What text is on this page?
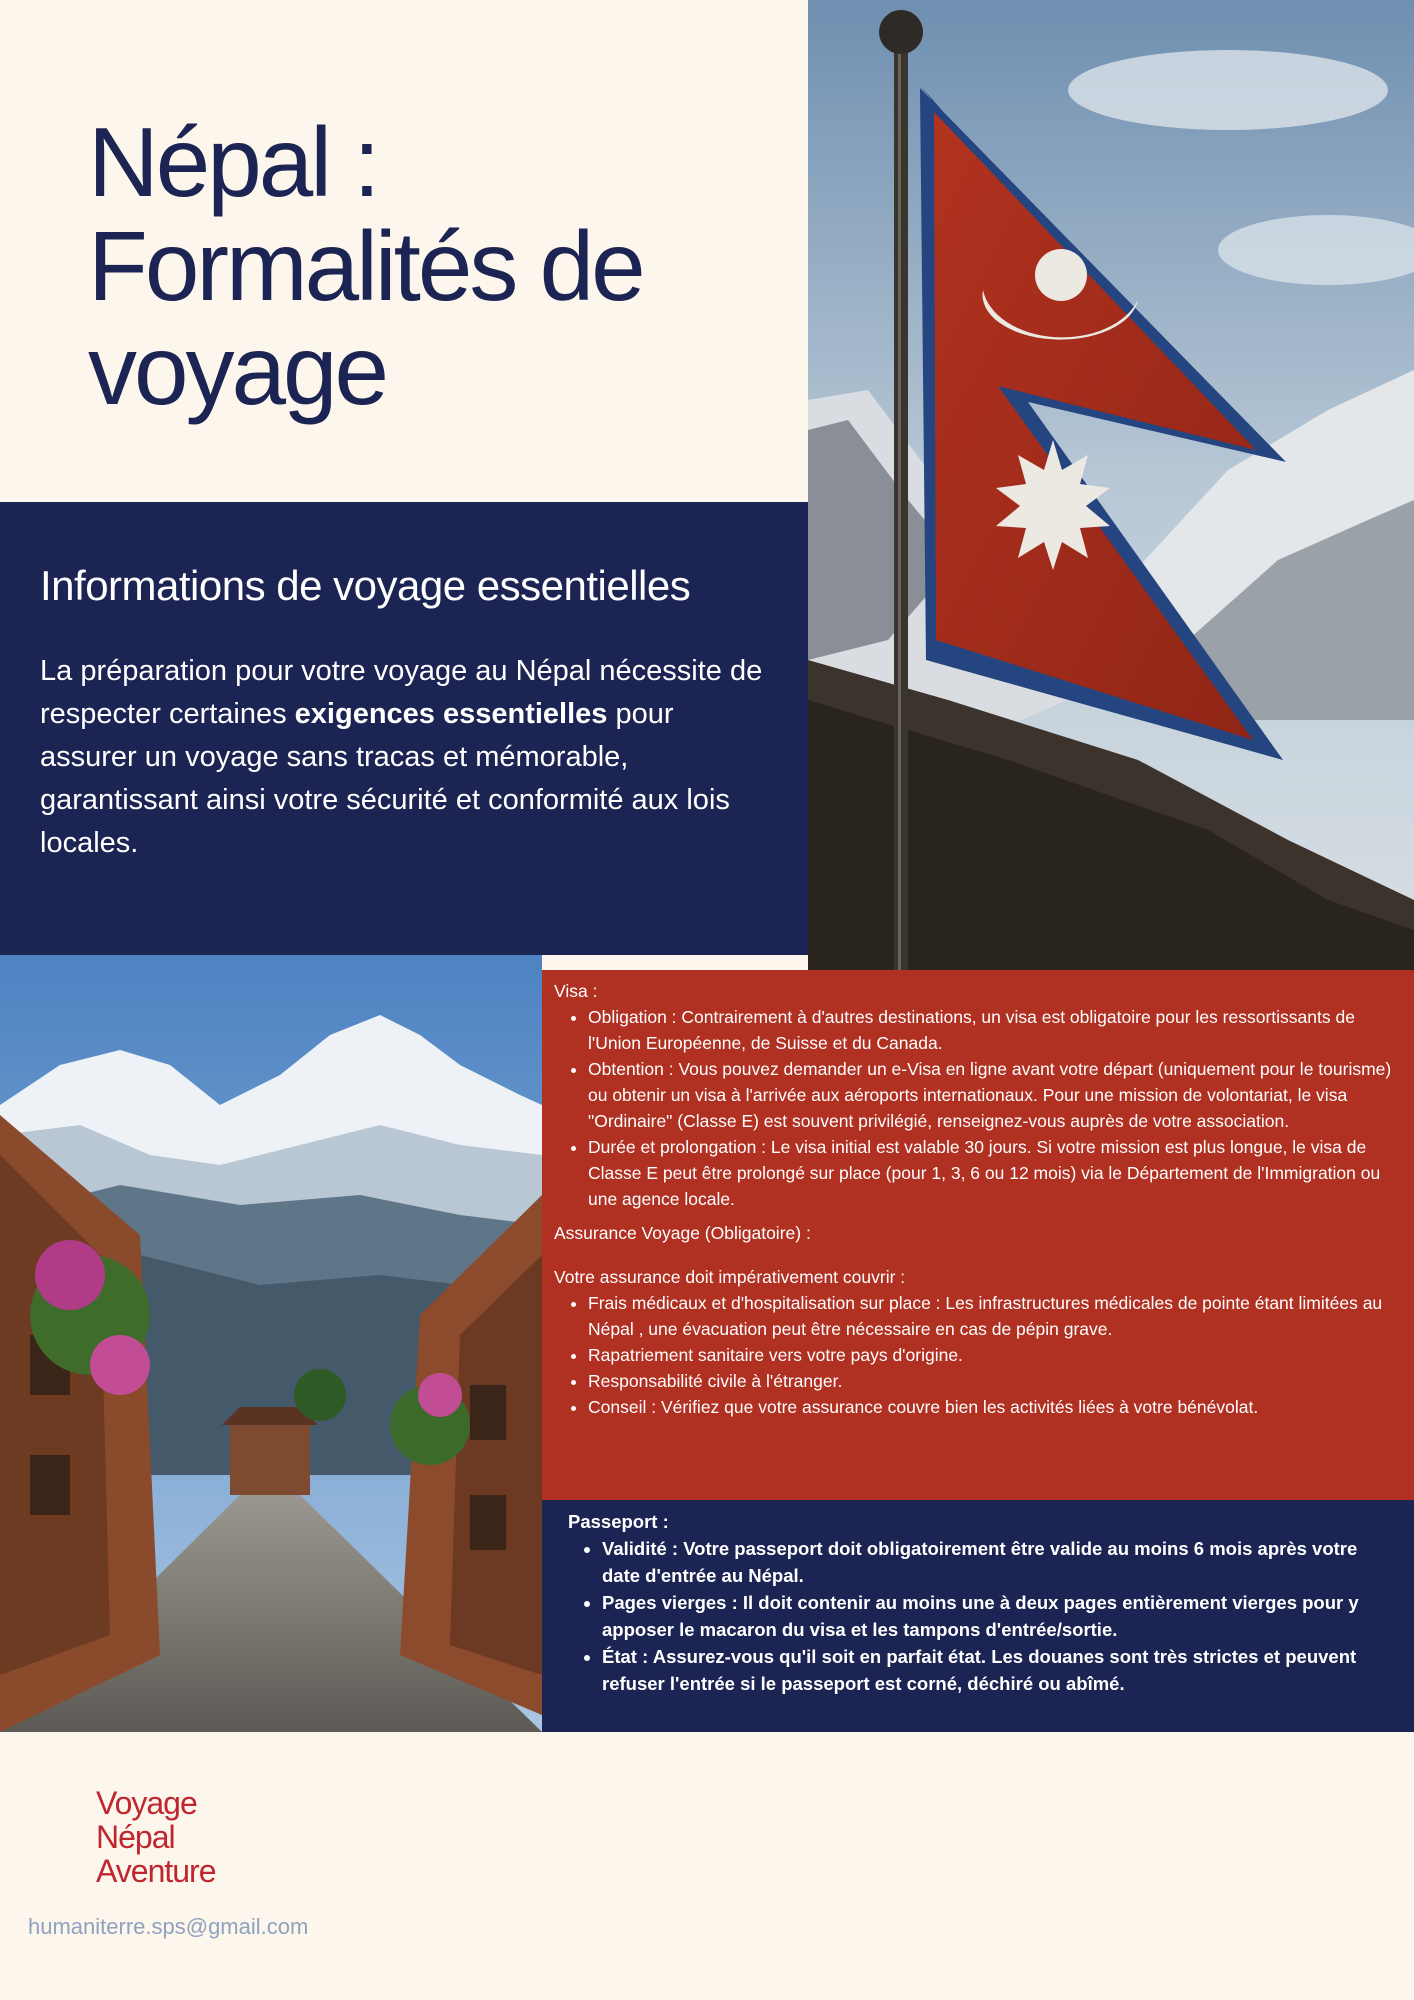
Népal :
Formalités de
voyage
Informations de voyage essentielles

La préparation pour votre voyage au Népal nécessite de respecter certaines exigences essentielles pour assurer un voyage sans tracas et mémorable, garantissant ainsi votre sécurité et conformité aux lois locales.

Visa :

• Obligation : Contrairement à d'autres destinations, un visa est obligatoire pour les ressortissants de l'Union Européenne, de Suisse et du Canada.
• Obtention : Vous pouvez demander un e-Visa en ligne avant votre départ (uniquement pour le tourisme) ou obtenir un visa à l'arrivée aux aéroports internationaux. Pour une mission de volontariat, le visa "Ordinaire" (Classe E) est souvent privilégié, renseignez-vous auprès de votre association.
• Durée et prolongation : Le visa initial est valable 30 jours. Si votre mission est plus longue, le visa de Classe E peut être prolongé sur place (pour 1, 3, 6 ou 12 mois) via le Département de l'Immigration ou une agence locale.

Assurance Voyage (Obligatoire) :

Votre assurance doit impérativement couvrir :

• Frais médicaux et d'hospitalisation sur place : Les infrastructures médicales de pointe étant limitées au Népal , une évacuation peut être nécessaire en cas de pépin grave.
• Rapatriement sanitaire vers votre pays d'origine.
• Responsabilité civile à l'étranger.
• Conseil : Vérifiez que votre assurance couvre bien les activités liées à votre bénévolat.

Passeport :

• Validité : Votre passeport doit obligatoirement être valide au moins 6 mois après votre date d'entrée au Népal.
• Pages vierges : Il doit contenir au moins une à deux pages entièrement vierges pour y apposer le macaron du visa et les tampons d'entrée/sortie.
• État : Assurez-vous qu'il soit en parfait état. Les douanes sont très strictes et peuvent refuser l'entrée si le passeport est corné, déchiré ou abîmé.
Voyage
Népal
Aventure
humaniterre.sps@gmail.com
